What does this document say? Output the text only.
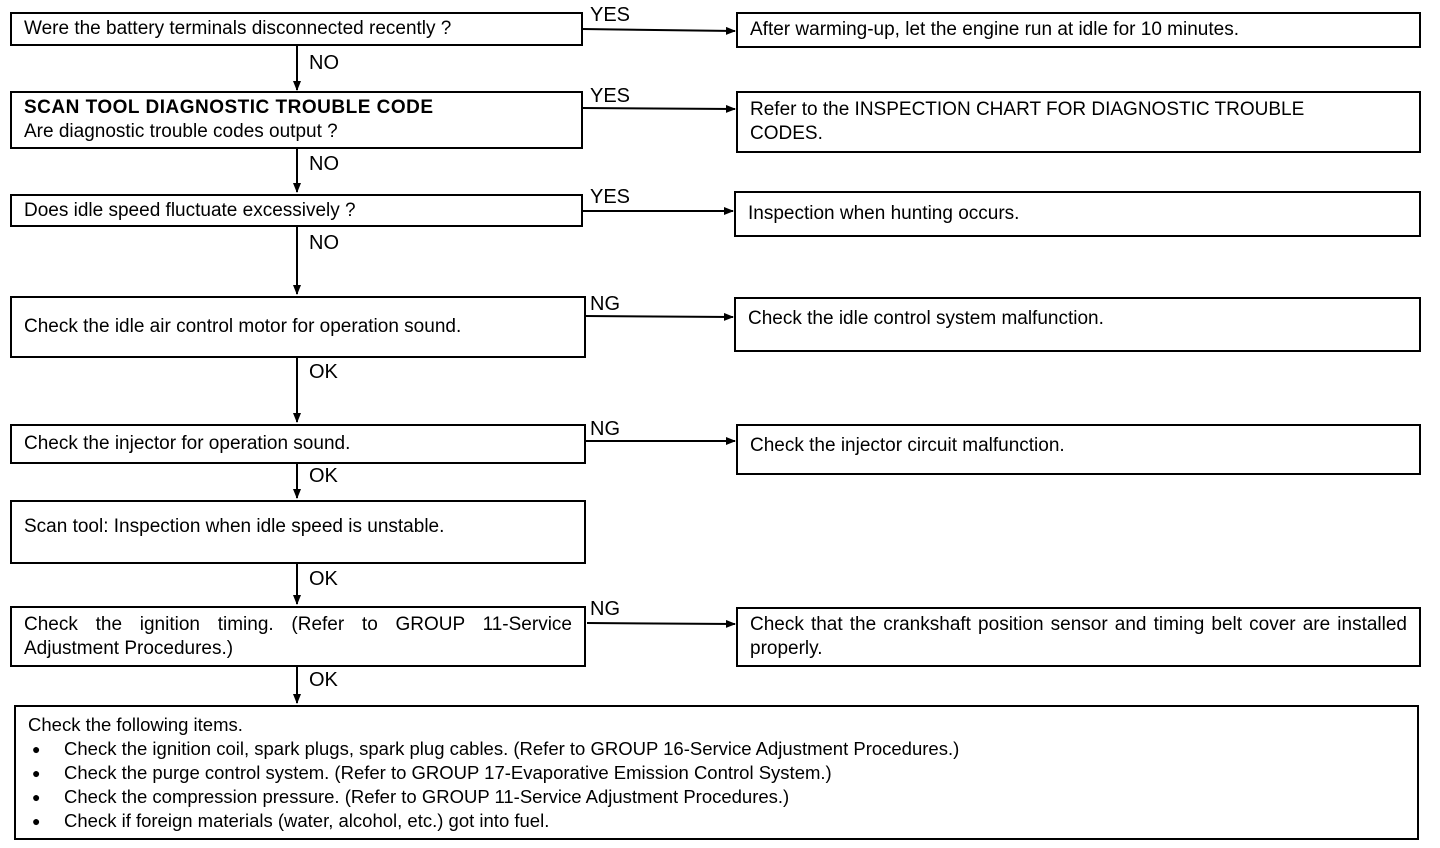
Were the battery terminals disconnected recently ?
YES
After warming-up, let the engine run at idle for 10 minutes.
NO
SCAN TOOL DIAGNOSTIC TROUBLE CODE
Are diagnostic trouble codes output ?
YES
Refer to the INSPECTION CHART FOR DIAGNOSTIC TROUBLE CODES.
NO
Does idle speed fluctuate excessively ?
YES
Inspection when hunting occurs.
NO
Check the idle air control motor for operation sound.
NG
Check the idle control system malfunction.
OK
Check the injector for operation sound.
NG
Check the injector circuit malfunction.
OK
Scan tool: Inspection when idle speed is unstable.
OK
Check the ignition timing. (Refer to GROUP 11-Service Adjustment Procedures.)
NG
Check that the crankshaft position sensor and timing belt cover are installed properly.
OK
Check the following items.
● Check the ignition coil, spark plugs, spark plug cables. (Refer to GROUP 16-Service Adjustment Procedures.)
● Check the purge control system. (Refer to GROUP 17-Evaporative Emission Control System.)
● Check the compression pressure. (Refer to GROUP 11-Service Adjustment Procedures.)
● Check if foreign materials (water, alcohol, etc.) got into fuel.
